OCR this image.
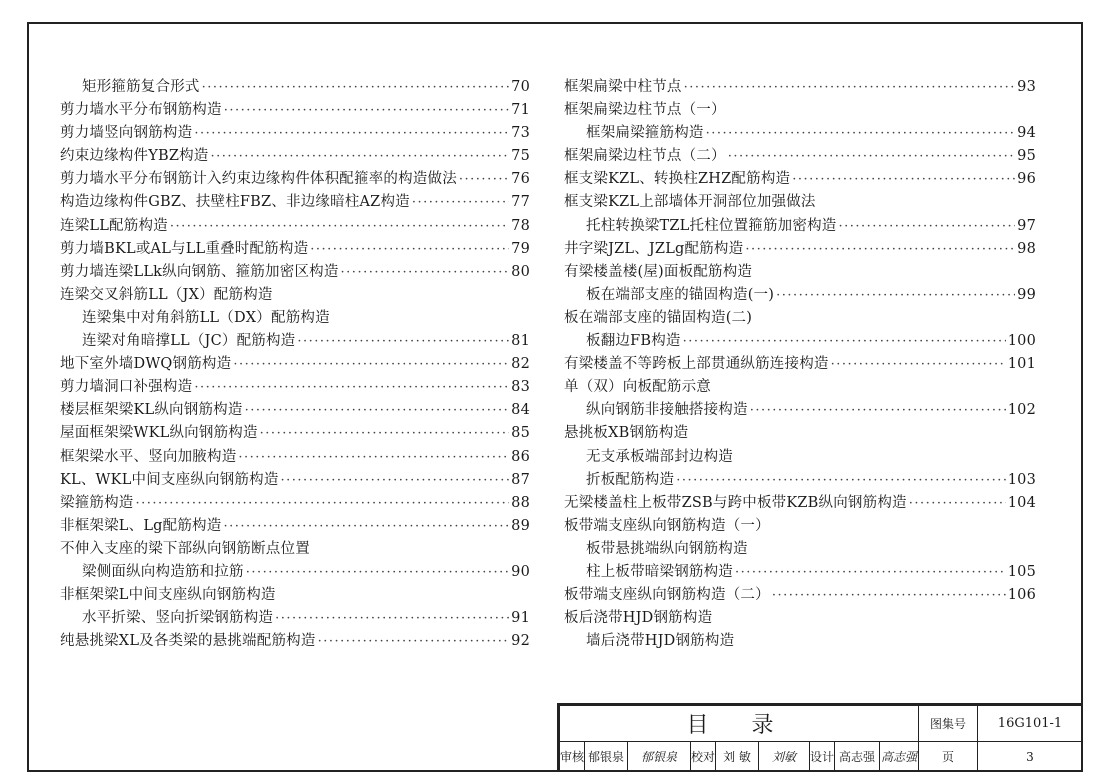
矩形箍筋复合形式 ·····	70
剪力墙水平分布钢筋构造 ·····	71
剪力墙竖向钢筋构造 ·····	73
约束边缘构件YBZ构造 ·····	75
剪力墙水平分布钢筋计入约束边缘构件体积配箍率的构造做法 ·····	76
构造边缘构件GBZ、扶壁柱FBZ、非边缘暗柱AZ构造 ·····	77
连梁LL配筋构造 ·····	78
剪力墙BKL或AL与LL重叠时配筋构造 ·····	79
剪力墙连梁LLk纵向钢筋、箍筋加密区构造 ·····	80
连梁交叉斜筋LL（JX）配筋构造
连梁集中对角斜筋LL（DX）配筋构造
连梁对角暗撑LL（JC）配筋构造 ·····	81
地下室外墙DWQ钢筋构造 ·····	82
剪力墙洞口补强构造 ·····	83
楼层框架梁KL纵向钢筋构造 ·····	84
屋面框架梁WKL纵向钢筋构造 ·····	85
框架梁水平、竖向加腋构造 ·····	86
KL、WKL中间支座纵向钢筋构造 ·····	87
梁箍筋构造 ·····	88
非框架梁L、Lg配筋构造 ·····	89
不伸入支座的梁下部纵向钢筋断点位置
梁侧面纵向构造筋和拉筋 ·····	90
非框架梁L中间支座纵向钢筋构造
水平折梁、竖向折梁钢筋构造 ·····	91
纯悬挑梁XL及各类梁的悬挑端配筋构造 ·····	92
框架扁梁中柱节点 ·····	93
框架扁梁边柱节点（一）
框架扁梁箍筋构造 ·····	94
框架扁梁边柱节点（二） ·····	95
框支梁KZL、转换柱ZHZ配筋构造 ·····	96
框支梁KZL上部墙体开洞部位加强做法
托柱转换梁TZL托柱位置箍筋加密构造 ·····	97
井字梁JZL、JZLg配筋构造 ·····	98
有梁楼盖楼(屋)面板配筋构造
板在端部支座的锚固构造(一) ·····	99
板在端部支座的锚固构造(二)
板翻边FB构造 ·····	100
有梁楼盖不等跨板上部贯通纵筋连接构造 ·····	101
单（双）向板配筋示意
纵向钢筋非接触搭接构造 ·····	102
悬挑板XB钢筋构造
无支承板端部封边构造
折板配筋构造 ·····	103
无梁楼盖柱上板带ZSB与跨中板带KZB纵向钢筋构造 ·····	104
板带端支座纵向钢筋构造（一）
板带悬挑端纵向钢筋构造
柱上板带暗梁钢筋构造 ·····	105
板带端支座纵向钢筋构造（二） ·····	106
板后浇带HJD钢筋构造
墙后浇带HJD钢筋构造
目 录									图集号	16G101-1
审核	郁银泉	郁银泉	校对	刘 敏	刘敏	设计	高志强	高志强	页	3
